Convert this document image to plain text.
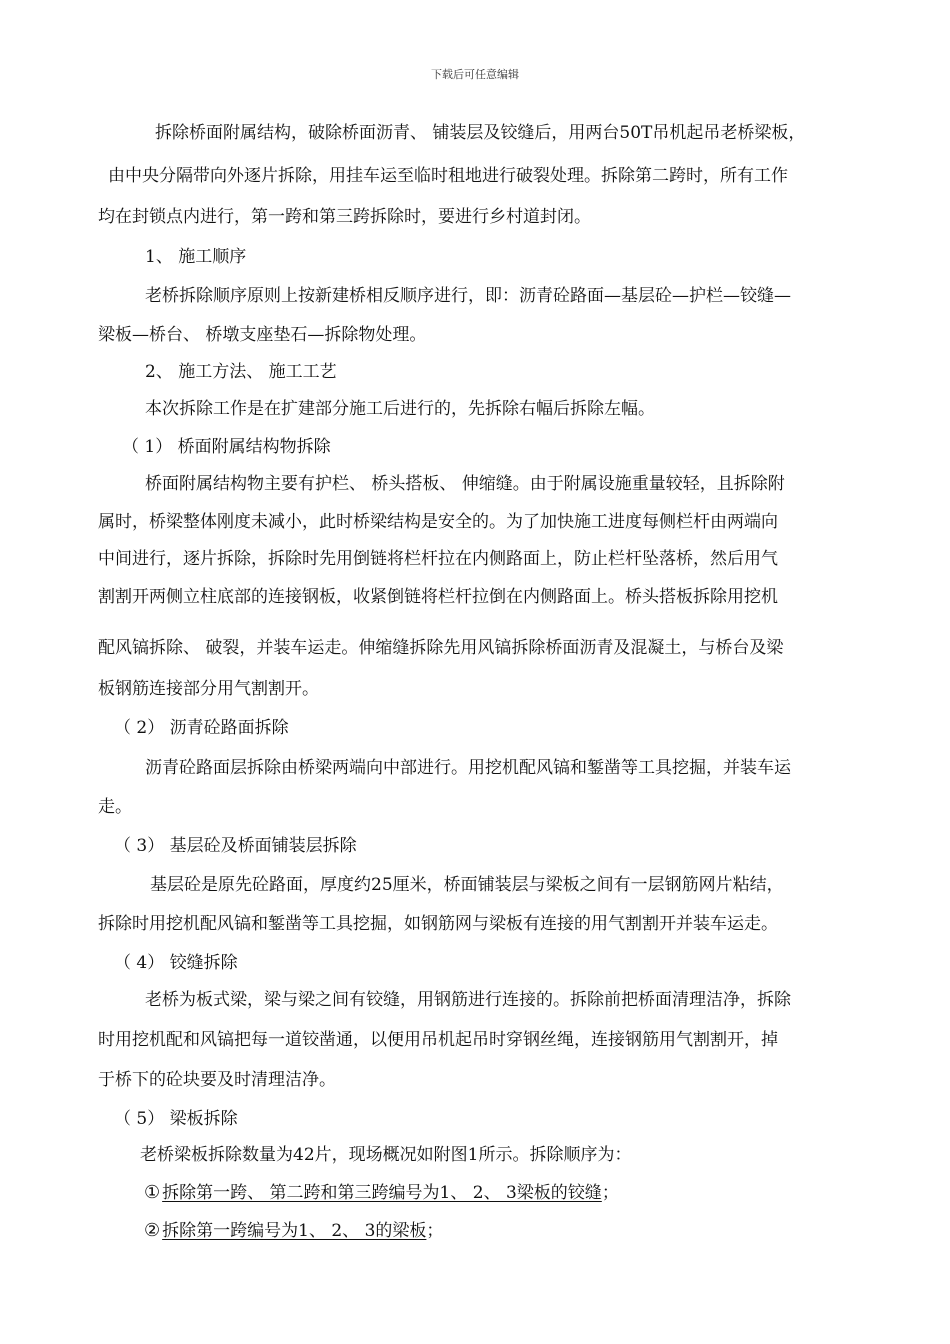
下载后可任意编辑
拆除桥面附属结构，破除桥面沥青、 铺装层及铰缝后，用两台50T吊机起吊老桥梁板，
由中央分隔带向外逐片拆除，用挂车运至临时租地进行破裂处理。拆除第二跨时，所有工作
均在封锁点内进行，第一跨和第三跨拆除时，要进行乡村道封闭。
1、 施工顺序
老桥拆除顺序原则上按新建桥相反顺序进行，即：沥青砼路面—基层砼—护栏—铰缝—
梁板—桥台、 桥墩支座垫石—拆除物处理。
2、 施工方法、 施工工艺
本次拆除工作是在扩建部分施工后进行的，先拆除右幅后拆除左幅。
（ 1） 桥面附属结构物拆除
桥面附属结构物主要有护栏、 桥头搭板、 伸缩缝。由于附属设施重量较轻，且拆除附
属时，桥梁整体刚度未减小，此时桥梁结构是安全的。为了加快施工进度每侧栏杆由两端向
中间进行，逐片拆除，拆除时先用倒链将栏杆拉在内侧路面上，防止栏杆坠落桥，然后用气
割割开两侧立柱底部的连接钢板，收紧倒链将栏杆拉倒在内侧路面上。桥头搭板拆除用挖机
配风镐拆除、 破裂，并装车运走。伸缩缝拆除先用风镐拆除桥面沥青及混凝土，与桥台及梁
板钢筋连接部分用气割割开。
（ 2） 沥青砼路面拆除
沥青砼路面层拆除由桥梁两端向中部进行。用挖机配风镐和錾凿等工具挖掘，并装车运
走。
（ 3） 基层砼及桥面铺装层拆除
基层砼是原先砼路面，厚度约25厘米，桥面铺装层与梁板之间有一层钢筋网片粘结，
拆除时用挖机配风镐和錾凿等工具挖掘，如钢筋网与梁板有连接的用气割割开并装车运走。
（ 4） 铰缝拆除
老桥为板式梁，梁与梁之间有铰缝，用钢筋进行连接的。拆除前把桥面清理洁净，拆除
时用挖机配和风镐把每一道铰凿通，以便用吊机起吊时穿钢丝绳，连接钢筋用气割割开，掉
于桥下的砼块要及时清理洁净。
（ 5） 梁板拆除
老桥梁板拆除数量为42片，现场概况如附图1所示。拆除顺序为：
① 拆除第一跨、 第二跨和第三跨编号为1、 2、 3梁板的铰缝；
② 拆除第一跨编号为1、 2、 3的梁板；
